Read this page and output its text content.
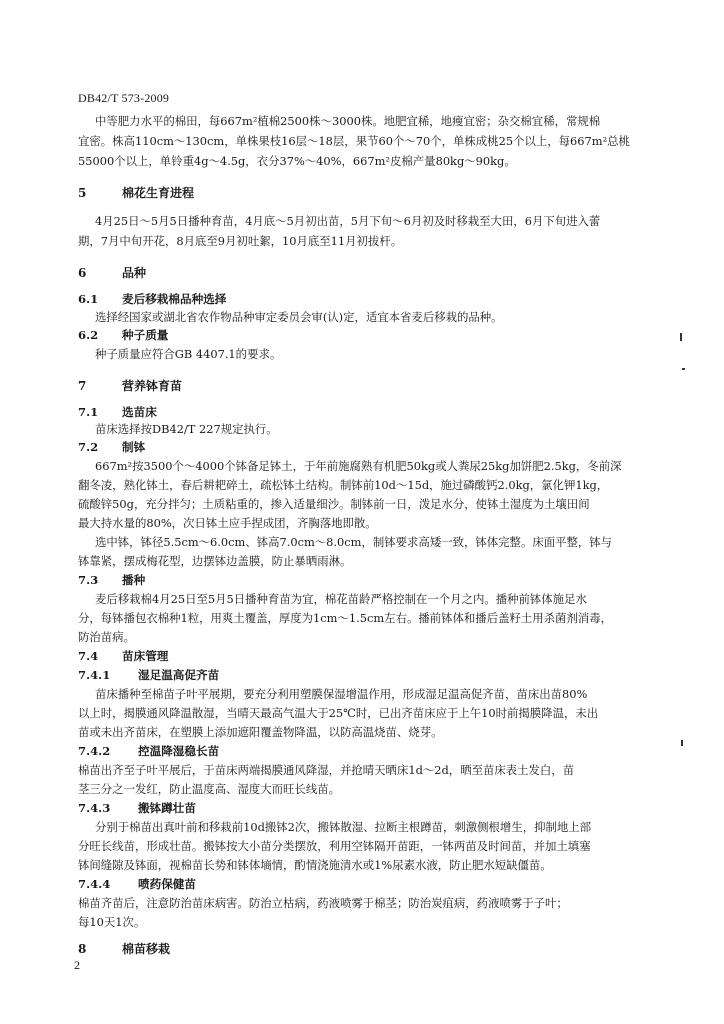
DB42/T 573-2009
中等肥力水平的棉田，每667m²植棉2500株～3000株。地肥宜稀，地瘦宜密；杂交棉宜稀，常规棉
宜密。株高110cm～130cm，单株果枝16层～18层，果节60个～70个，单株成桃25个以上，每667m²总桃
55000个以上，单铃重4g～4.5g，衣分37%～40%，667m²皮棉产量80kg～90kg。
5	棉花生育进程
4月25日～5月5日播种育苗，4月底～5月初出苗，5月下旬～6月初及时移栽至大田，6月下旬进入蕾
期，7月中旬开花，8月底至9月初吐絮，10月底至11月初拔杆。
6	品种
6.1 麦后移栽棉品种选择
选择经国家或湖北省农作物品种审定委员会审(认)定，适宜本省麦后移栽的品种。
6.2 种子质量
种子质量应符合GB 4407.1的要求。
7	营养钵育苗
7.1 选苗床
苗床选择按DB42/T 227规定执行。
7.2 制钵
667m²按3500个～4000个钵备足钵土，于年前施腐熟有机肥50kg或人粪尿25kg加饼肥2.5kg，冬前深
翻冬凌，熟化钵土，春后耕耙碎土，疏松钵土结构。制钵前10d～15d，施过磷酸钙2.0kg，氯化钾1kg，
硫酸锌50g，充分拌匀；土质粘重的，掺入适量细沙。制钵前一日，泼足水分，使钵土湿度为土壤田间
最大持水量的80%，次日钵土应手捏成团，齐胸落地即散。
选中钵，钵径5.5cm～6.0cm、钵高7.0cm～8.0cm，制钵要求高矮一致，钵体完整。床面平整，钵与
钵靠紧，摆成梅花型，边摆钵边盖膜，防止暴晒雨淋。
7.3 播种
麦后移栽棉4月25日至5月5日播种育苗为宜，棉花苗龄严格控制在一个月之内。播种前钵体施足水
分，每钵播包衣棉种1粒，用爽土覆盖，厚度为1cm～1.5cm左右。播前钵体和播后盖籽土用杀菌剂消毒，
防治苗病。
7.4 苗床管理
7.4.1 湿足温高促齐苗
苗床播种至棉苗子叶平展期，要充分利用塑膜保湿增温作用，形成湿足温高促齐苗，苗床出苗80%
以上时，揭膜通风降温散湿，当晴天最高气温大于25℃时，已出齐苗床应于上午10时前揭膜降温，未出
苗或未出齐苗床，在塑膜上添加遮阳覆盖物降温，以防高温烧苗、烧芽。
7.4.2 控温降湿稳长苗
棉苗出齐至子叶平展后，于苗床两端揭膜通风降湿，并抢晴天晒床1d～2d，晒至苗床表土发白，苗
茎三分之一发红，防止温度高、湿度大而旺长线苗。
7.4.3 搬钵蹲壮苗
分别于棉苗出真叶前和移栽前10d搬钵2次，搬钵散湿、拉断主根蹲苗，刺激侧根增生，抑制地上部
分旺长线苗，形成壮苗。搬钵按大小苗分类摆放，利用空钵隔开苗距，一钵两苗及时间苗，并加土填塞
钵间缝隙及钵面，视棉苗长势和钵体墒情，酌情浇施清水或1%尿素水液，防止肥水短缺僵苗。
7.4.4 喷药保健苗
棉苗齐苗后，注意防治苗床病害。防治立枯病，药液喷雾于棉茎；防治炭疽病，药液喷雾于子叶；
每10天1次。
8	棉苗移栽
2
